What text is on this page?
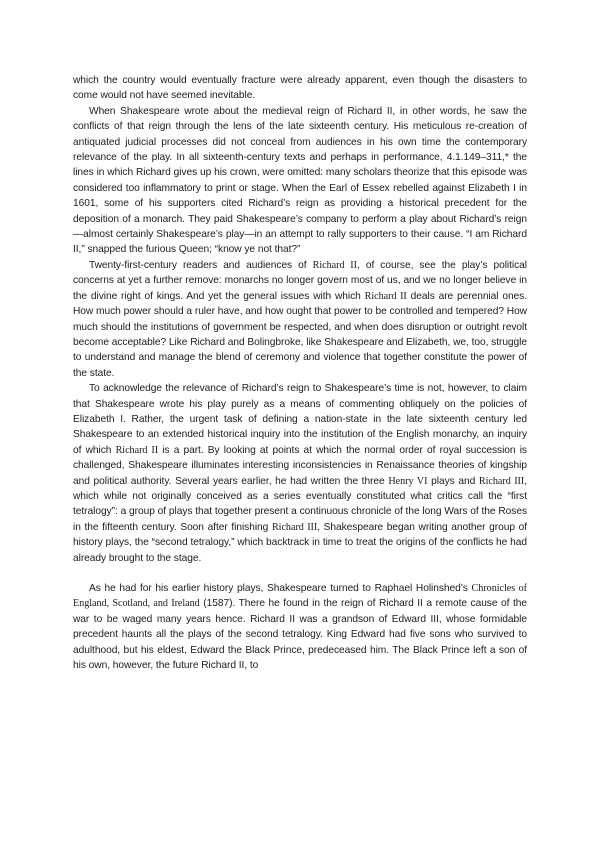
which the country would eventually fracture were already apparent, even though the disasters to come would not have seemed inevitable.

When Shakespeare wrote about the medieval reign of Richard II, in other words, he saw the conflicts of that reign through the lens of the late sixteenth century. His meticulous re-creation of antiquated judicial processes did not conceal from audiences in his own time the contemporary relevance of the play. In all sixteenth-century texts and perhaps in performance, 4.1.149–311,* the lines in which Richard gives up his crown, were omitted: many scholars theorize that this episode was considered too inflammatory to print or stage. When the Earl of Essex rebelled against Elizabeth I in 1601, some of his supporters cited Richard’s reign as providing a historical precedent for the deposition of a monarch. They paid Shakespeare’s company to perform a play about Richard’s reign—almost certainly Shakespeare’s play—in an attempt to rally supporters to their cause. “I am Richard II,” snapped the furious Queen; “know ye not that?”

Twenty-first-century readers and audiences of Richard II, of course, see the play’s political concerns at yet a further remove: monarchs no longer govern most of us, and we no longer believe in the divine right of kings. And yet the general issues with which Richard II deals are perennial ones. How much power should a ruler have, and how ought that power to be controlled and tempered? How much should the institutions of government be respected, and when does disruption or outright revolt become acceptable? Like Richard and Bolingbroke, like Shakespeare and Elizabeth, we, too, struggle to understand and manage the blend of ceremony and violence that together constitute the power of the state.

To acknowledge the relevance of Richard’s reign to Shakespeare’s time is not, however, to claim that Shakespeare wrote his play purely as a means of commenting obliquely on the policies of Elizabeth I. Rather, the urgent task of defining a nation-state in the late sixteenth century led Shakespeare to an extended historical inquiry into the institution of the English monarchy, an inquiry of which Richard II is a part. By looking at points at which the normal order of royal succession is challenged, Shakespeare illuminates interesting inconsistencies in Renaissance theories of kingship and political authority. Several years earlier, he had written the three Henry VI plays and Richard III, which while not originally conceived as a series eventually constituted what critics call the “first tetralogy”: a group of plays that together present a continuous chronicle of the long Wars of the Roses in the fifteenth century. Soon after finishing Richard III, Shakespeare began writing another group of history plays, the “second tetralogy,” which backtrack in time to treat the origins of the conflicts he had already brought to the stage.

As he had for his earlier history plays, Shakespeare turned to Raphael Holinshed’s Chronicles of England, Scotland, and Ireland (1587). There he found in the reign of Richard II a remote cause of the war to be waged many years hence. Richard II was a grandson of Edward III, whose formidable precedent haunts all the plays of the second tetralogy. King Edward had five sons who survived to adulthood, but his eldest, Edward the Black Prince, predeceased him. The Black Prince left a son of his own, however, the future Richard II, to
